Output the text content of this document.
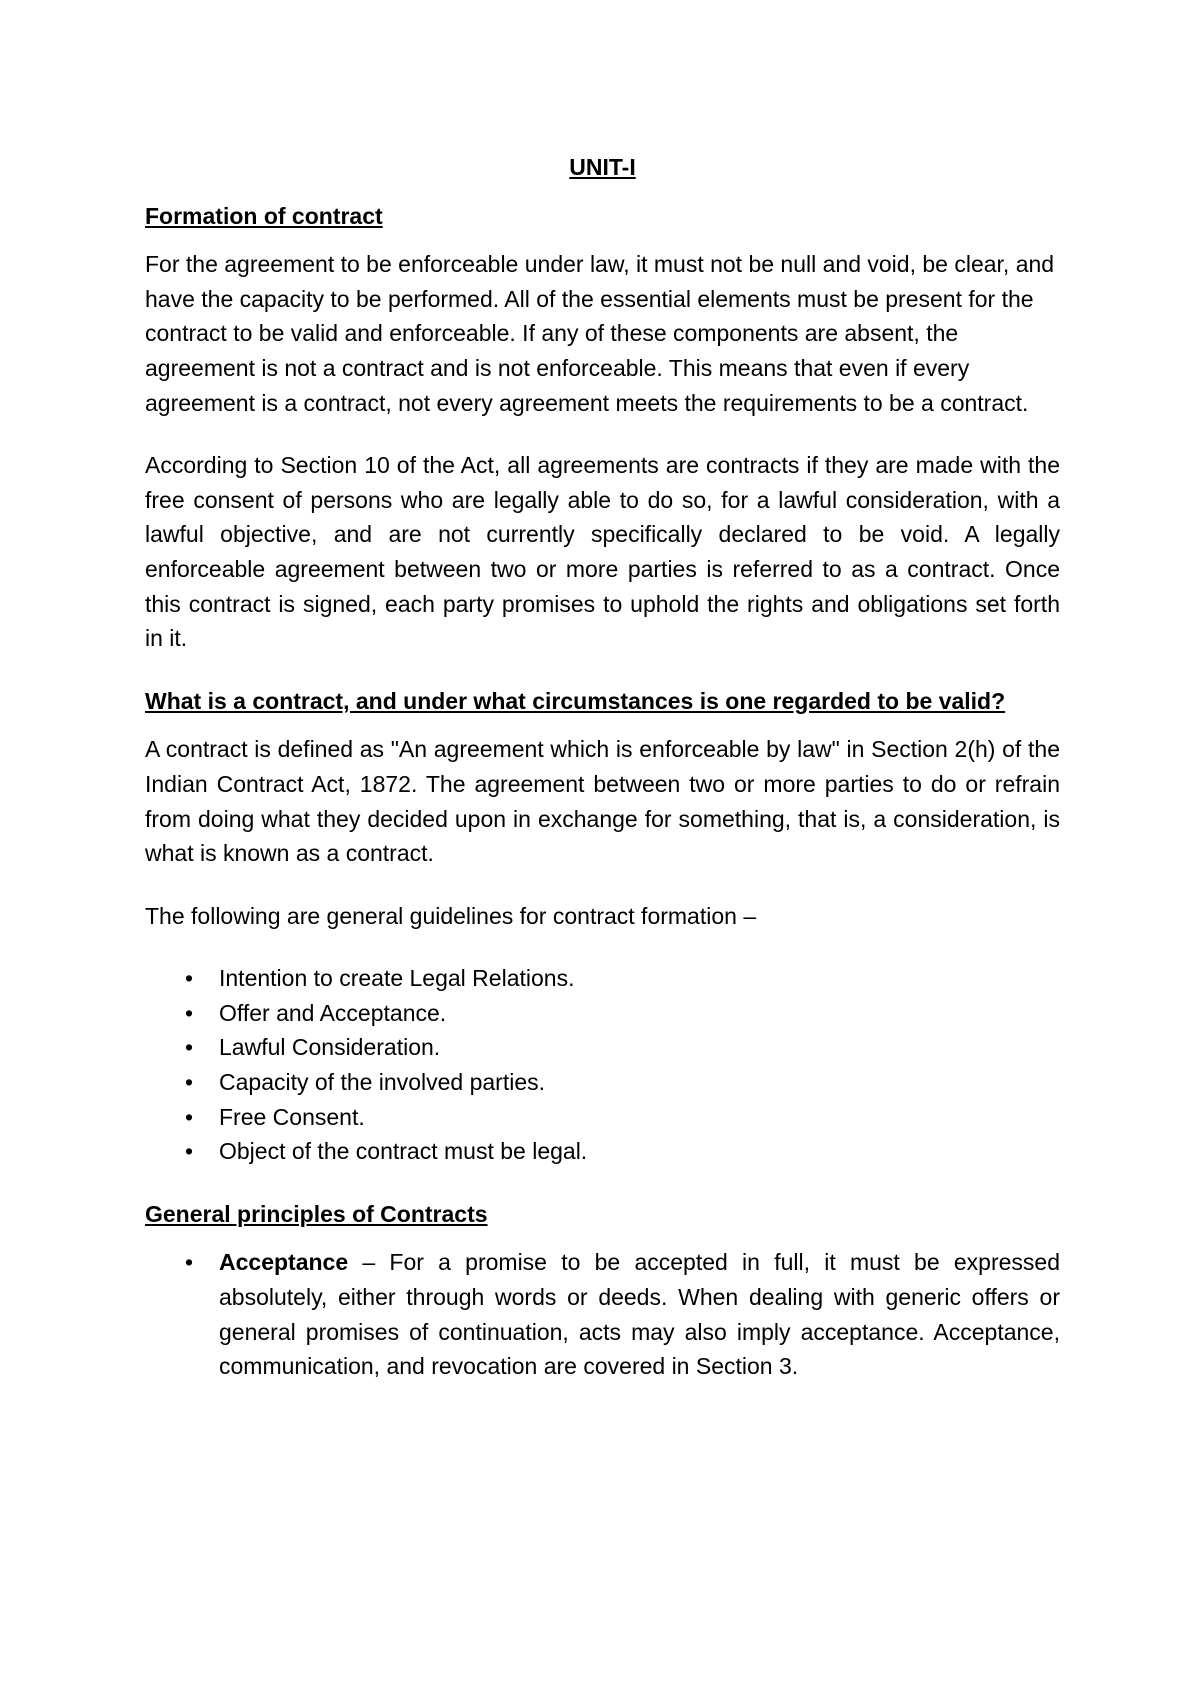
UNIT-I
Formation of contract

For the agreement to be enforceable under law, it must not be null and void, be clear, and have the capacity to be performed. All of the essential elements must be present for the contract to be valid and enforceable. If any of these components are absent, the agreement is not a contract and is not enforceable. This means that even if every agreement is a contract, not every agreement meets the requirements to be a contract.

According to Section 10 of the Act, all agreements are contracts if they are made with the free consent of persons who are legally able to do so, for a lawful consideration, with a lawful objective, and are not currently specifically declared to be void. A legally enforceable agreement between two or more parties is referred to as a contract. Once this contract is signed, each party promises to uphold the rights and obligations set forth in it.

What is a contract, and under what circumstances is one regarded to be valid?

A contract is defined as "An agreement which is enforceable by law" in Section 2(h) of the Indian Contract Act, 1872. The agreement between two or more parties to do or refrain from doing what they decided upon in exchange for something, that is, a consideration, is what is known as a contract.

The following are general guidelines for contract formation –

• Intention to create Legal Relations.
• Offer and Acceptance.
• Lawful Consideration.
• Capacity of the involved parties.
• Free Consent.
• Object of the contract must be legal.
General principles of Contracts
• Acceptance – For a promise to be accepted in full, it must be expressed absolutely, either through words or deeds. When dealing with generic offers or general promises of continuation, acts may also imply acceptance. Acceptance, communication, and revocation are covered in Section 3.
